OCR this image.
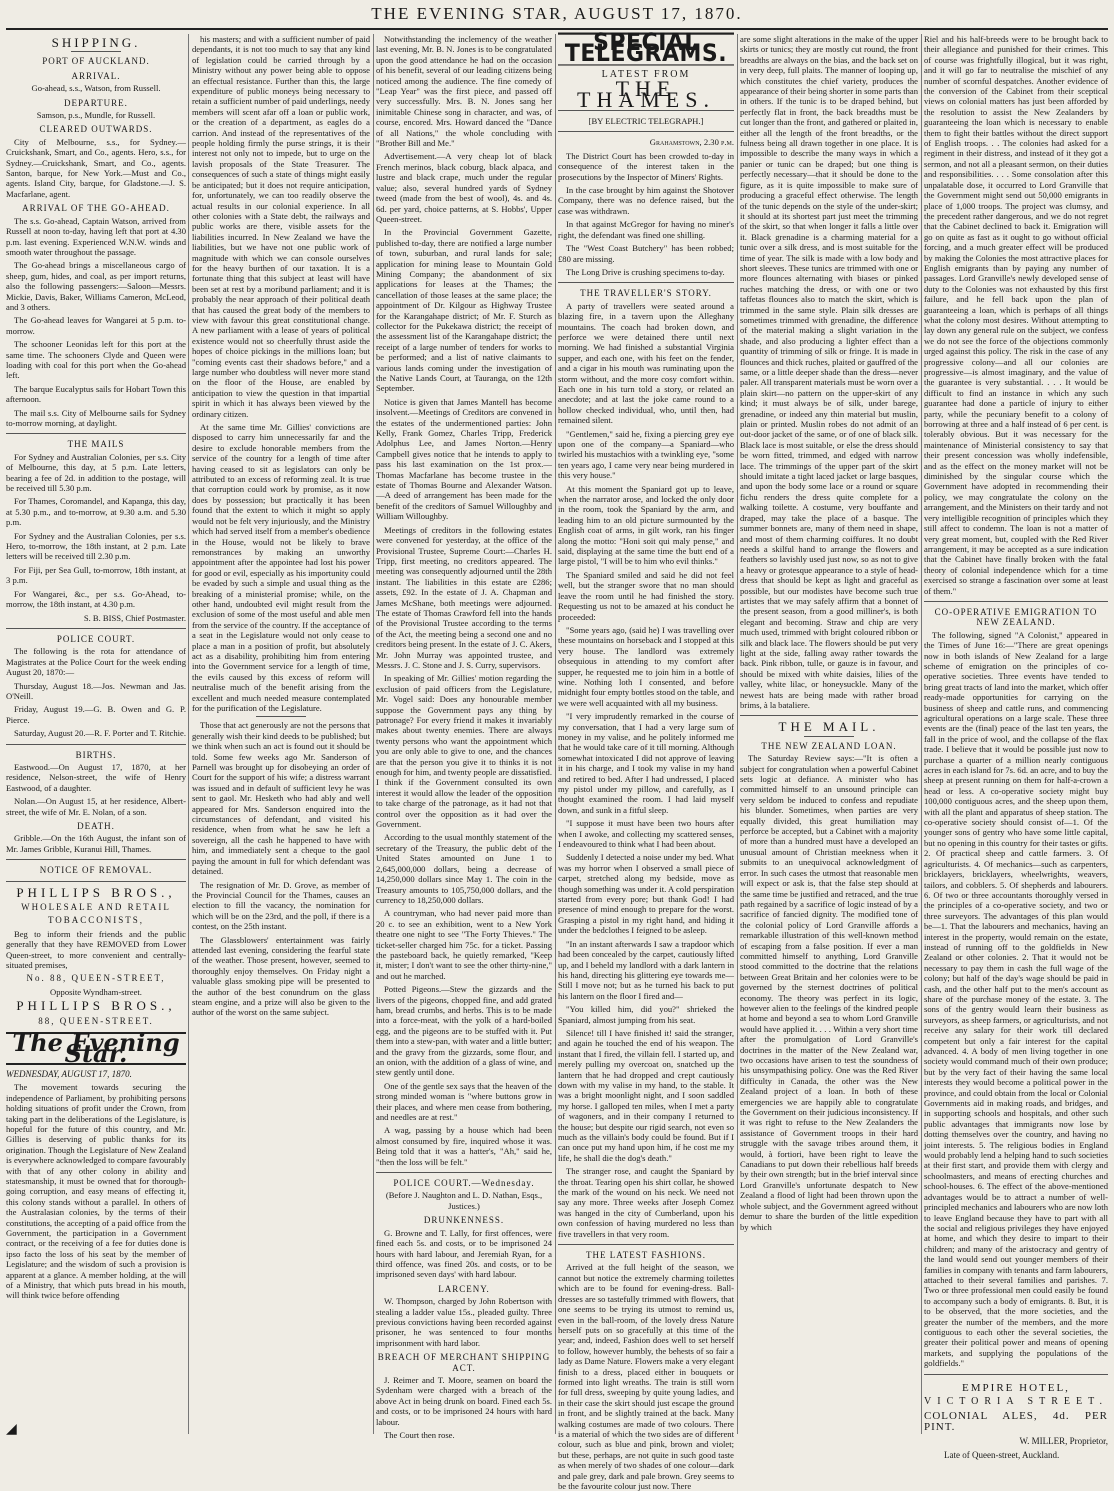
THE EVENING STAR, AUGUST 17, 1870.
SHIPPING.
PORT OF AUCKLAND.
ARRIVAL.

Go-ahead, s.s., Watson, from Russell.

DEPARTURE.

Samson, p.s., Mundle, for Russell.

CLEARED OUTWARDS.

City of Melbourne, s.s., for Sydney.—Cruickshank, Smart, and Co., agents. Hero, s.s., for Sydney.—Cruickshank, Smart, and Co., agents. Santon, barque, for New York.—Must and Co., agents. Island City, barque, for Gladstone.—J. S. Macfarlane, agent.

ARRIVAL OF THE GO-AHEAD.

The s.s. Go-ahead, Captain Watson, arrived from Russell at noon to-day, having left that port at 4.30 p.m. last evening. Experienced W.N.W. winds and smooth water throughout the passage.

The Go-ahead brings a miscellaneous cargo of sheep, gum, hides, and coal, as per import returns, also the following passengers:—Saloon—Messrs. Mickie, Davis, Baker, Williams Cameron, McLeod, and 3 others.

The Go-ahead leaves for Wangarei at 5 p.m. to-morrow.

The schooner Leonidas left for this port at the same time. The schooners Clyde and Queen were loading with coal for this port when the Go-ahead left.

The barque Eucalyptus sails for Hobart Town this afternoon.

The mail s.s. City of Melbourne sails for Sydney to-morrow morning, at daylight.

THE MAILS

For Sydney and Australian Colonies, per s.s. City of Melbourne, this day, at 5 p.m. Late letters, bearing a fee of 2d. in addition to the postage, will be received till 5.30 p.m.

For Thames, Coromandel, and Kapanga, this day, at 5.30 p.m., and to-morrow, at 9.30 a.m. and 5.30 p.m.

For Sydney and the Australian Colonies, per s.s. Hero, to-morrow, the 18th instant, at 2 p.m. Late letters will be received till 2.30 p.m.

For Fiji, per Sea Gull, to-morrow, 18th instant, at 3 p.m.

For Wangarei, &c., per s.s. Go-Ahead, to-morrow, the 18th instant, at 4.30 p.m.

S. B. BISS, Chief Postmaster.

POLICE COURT.

The following is the rota for attendance of Magistrates at the Police Court for the week ending August 20, 1870:—

Thursday, August 18.—Jos. Newman and Jas. O'Neill.

Friday, August 19.—G. B. Owen and G. P. Pierce.

Saturday, August 20.—R. F. Porter and T. Ritchie.

BIRTHS.

Eastwood.—On August 17, 1870, at her residence, Nelson-street, the wife of Henry Eastwood, of a daughter.

Nolan.—On August 15, at her residence, Albert-street, the wife of Mr. E. Nolan, of a son.

DEATH.

Gribble.—On the 16th August, the infant son of Mr. James Gribble, Kuranui Hill, Thames.

NOTICE OF REMOVAL.
PHILLIPS BROS.,
WHOLESALE AND RETAIL
TOBACCONISTS,

Beg to inform their friends and the public generally that they have REMOVED from Lower Queen-street, to more convenient and centrally-situated premises,

No. 88, QUEEN-STREET,
Opposite Wyndham-street.
PHILLIPS BROS.,
88, QUEEN-STREET.
The Evening Star.
WEDNESDAY, AUGUST 17, 1870.

The movement towards securing the independence of Parliament, by prohibiting persons holding situations of profit under the Crown, from taking part in the deliberations of the Legislature, is hopeful for the future of this country, and Mr. Gillies is deserving of public thanks for its origination. Though the Legislature of New Zealand is everywhere acknowledged to compare favourably with that of any other colony in ability and statesmanship, it must be owned that for thorough-going corruption, and easy means of effecting it, this colony stands without a parallel. In others of the Australasian colonies, by the terms of their constitutions, the accepting of a paid office from the Government, the participation in a Government contract, or the receiving of a fee for duties done is ipso facto the loss of his seat by the member of Legislature; and the wisdom of such a provision is apparent at a glance. A member holding, at the will of a Ministry, that which puts bread in his mouth, will think twice before offending

his masters; and with a sufficient number of paid dependants, it is not too much to say that any kind of legislation could be carried through by a Ministry without any power being able to oppose an effectual resistance. Further than this, the large expenditure of public moneys being necessary to retain a sufficient number of paid underlings, needy members will scent afar off a loan or public work, or the creation of a department, as eagles do a carrion. And instead of the representatives of the people holding firmly the purse strings, it is their interest not only not to impede, but to urge on the lavish proposals of the State Treasurer. The consequences of such a state of things might easily be anticipated; but it does not require anticipation, for, unfortunately, we can too readily observe the actual results in our colonial experience. In all other colonies with a State debt, the railways and public works are there, visible assets for the liabilities incurred. In New Zealand we have the liabilities, but we have not one public work of magnitude with which we can console ourselves for the heavy burthen of our taxation. It is a fortunate thing that this subject at least will have been set at rest by a moribund parliament; and it is probably the near approach of their political death that has caused the great body of the members to view with favour this great constitutional change. A new parliament with a lease of years of political existence would not so cheerfully thrust aside the hopes of choice pickings in the millions loan; but "coming events cast their shadows before," and a large number who doubtless will never more stand on the floor of the House, are enabled by anticipation to view the question in that impartial spirit in which it has always been viewed by the ordinary citizen.

At the same time Mr. Gillies' convictions are disposed to carry him unnecessarily far and the desire to exclude honorable members from the service of the country for a length of time after having ceased to sit as legislators can only be attributed to an excess of reforming zeal. It is true that corruption could work by promise, as it now does by possession; but practically it has been found that the extent to which it might so apply would not be felt very injuriously, and the Ministry which had served itself from a member's obedience in the House, would not be likely to brave remonstrances by making an unworthy appointment after the appointee had lost his power for good or evil, especially as his importunity could be evaded by such a simple and usual thing as the breaking of a ministerial promise; while, on the other hand, undoubted evil might result from the exclusion of some of the most useful and able men from the service of the country. If the acceptance of a seat in the Legislature would not only cease to place a man in a position of profit, but absolutely act as a disability, prohibiting him from entering into the Government service for a length of time, the evils caused by this excess of reform will neutralise much of the benefit arising from the excellent and much needed measure contemplated for the purification of the Legislature.

Those that act generously are not the persons that generally wish their kind deeds to be published; but we think when such an act is found out it should be told. Some few weeks ago Mr. Sanderson of Parnell was brought up for disobeying an order of Court for the support of his wife; a distress warrant was issued and in default of sufficient levy he was sent to gaol. Mr. Hesketh who had ably and well appeared for Mrs. Sanderson enquired into the circumstances of defendant, and visited his residence, when from what he saw he left a sovereign, all the cash he happened to have with him, and immediately sent a cheque to the gaol paying the amount in full for which defendant was detained.

The resignation of Mr. D. Grove, as member of the Provincial Council for the Thames, causes an election to fill the vacancy, the nomination for which will be on the 23rd, and the poll, if there is a contest, on the 25th instant.

The Glassblowers' entertainment was fairly attended last evening, considering the fearful state of the weather. Those present, however, seemed to thoroughly enjoy themselves. On Friday night a valuable glass smoking pipe will be presented to the author of the best conundrum on the glass steam engine, and a prize will also be given to the author of the worst on the same subject.

Notwithstanding the inclemency of the weather last evening, Mr. B. N. Jones is to be congratulated upon the good attendance he had on the occasion of his benefit, several of our leading citizens being noticed among the audience. The fine comedy of "Leap Year" was the first piece, and passed off very successfully. Mrs. B. N. Jones sang her inimitable Chinese song in character, and was, of course, encored. Mrs. Howard danced the "Dance of all Nations," the whole concluding with "Brother Bill and Me."

Advertisement.—A very cheap lot of black French merinos, black coburg, black alpaca, and lustre and black crape, much under the regular value; also, several hundred yards of Sydney tweed (made from the best of wool), 4s. and 4s. 6d. per yard, choice patterns, at S. Hobbs', Upper Queen-street.

In the Provincial Government Gazette, published to-day, there are notified a large number of town, suburban, and rural lands for sale; application for mining lease to Mountain Gold Mining Company; the abandonment of six applications for leases at the Thames; the cancellation of those leases at the same place; the appointment of Dr. Kilgour as Highway Trustee for the Karangahape district; of Mr. F. Sturch as collector for the Pukekawa district; the receipt of the assessment list of the Karangahape district; the receipt of a large number of tenders for works to be performed; and a list of native claimants to various lands coming under the investigation of the Native Lands Court, at Tauranga, on the 12th September.

Notice is given that James Mantell has become insolvent.—Meetings of Creditors are convened in the estates of the undermentioned parties: John Kelly, Frank Gomez, Charles Tripp, Frederick Adolphus Lee, and James Norton.—Henry Campbell gives notice that he intends to apply to pass his last examination on the 1st prox.—Thomas Macfarlane has become trustee in the estate of Thomas Bourne and Alexander Watson.—A deed of arrangement has been made for the benefit of the creditors of Samuel Willoughby and William Willoughby.

Meetings of creditors in the following estates were convened for yesterday, at the office of the Provisional Trustee, Supreme Court:—Charles H. Tripp, first meeting, no creditors appeared. The meeting was consequently adjourned until the 28th instant. The liabilities in this estate are £286; assets, £92. In the estate of J. A. Chapman and James McShane, both meetings were adjourned. The estate of Thomas Crawford fell into the hands of the Provisional Trustee according to the terms of the Act, the meeting being a second one and no creditors being present. In the estate of J. C. Akers, Mr. John Murray was appointed trustee, and Messrs. J. C. Stone and J. S. Curry, supervisors.

In speaking of Mr. Gillies' motion regarding the exclusion of paid officers from the Legislature, Mr. Vogel said: Does any honourable member suppose the Government pays any thing by patronage? For every friend it makes it invariably makes about twenty enemies. There are always twenty persons who want the appointment which you are only able to give to one, and the chances are that the person you give it to thinks it is not enough for him, and twenty people are dissatisfied. I think if the Government consulted its own interest it would allow the leader of the opposition to take charge of the patronage, as it had not that control over the opposition as it had over the Government.

According to the usual monthly statement of the secretary of the Treasury, the public debt of the United States amounted on June 1 to 2,645,000,000 dollars, being a decrease of 14,250,000 dollars since May 1. The coin in the Treasury amounts to 105,750,000 dollars, and the currency to 18,250,000 dollars.

A countryman, who had never paid more than 20 c. to see an exhibition, went to a New York theatre one night to see "The Forty Thieves." The ticket-seller charged him 75c. for a ticket. Passing the pasteboard back, he quietly remarked, "Keep it, mister; I don't want to see the other thirty-nine," and out he marched.

Potted Pigeons.—Stew the gizzards and the livers of the pigeons, chopped fine, and add grated ham, bread crumbs, and herbs. This is to be made into a force-meat, with the yolk of a hard-boiled egg, and the pigeons are to be stuffed with it. Put them into a stew-pan, with water and a little butter; and the gravy from the gizzards, some flour, and an onion, with the addition of a glass of wine, and stew gently until done.

One of the gentle sex says that the heaven of the strong minded woman is "where buttons grow in their places, and where men cease from bothering, and needles are at rest."

A wag, passing by a house which had been almost consumed by fire, inquired whose it was. Being told that it was a hatter's, "Ah," said he, "then the loss will be felt."

POLICE COURT.—Wednesday.

(Before J. Naughton and L. D. Nathan, Esqs., Justices.)

DRUNKENNESS.

G. Browne and T. Lally, for first offences, were fined each 5s. and costs, or to be imprisoned 24 hours with hard labour, and Jeremiah Ryan, for a third offence, was fined 20s. and costs, or to be imprisoned seven days' with hard labour.

LARCENY.

W. Thompson, charged by John Robertson with stealing a ladder value 15s., pleaded guilty. Three previous convictions having been recorded against prisoner, he was sentenced to four months imprisonment with hard labor.

BREACH OF MERCHANT SHIPPING ACT.

J. Reimer and T. Moore, seamen on board the Sydenham were charged with a breach of the above Act in being drunk on board. Fined each 5s. and costs, or to be imprisoned 24 hours with hard labour.

The Court then rose.

SPECIAL TELEGRAMS.
LATEST FROM
THE THAMES.

[BY ELECTRIC TELEGRAPH.]

Grahamstown, 2.30 p.m.

The District Court has been crowded to-day in consequence of the interest taken in the prosecutions by the Inspector of Miners' Rights.

In the case brought by him against the Shotover Company, there was no defence raised, but the case was withdrawn.

In that against McGregor for having no miner's right, the defendant was fined one shilling.

The "West Coast Butchery" has been robbed; £80 are missing.

The Long Drive is crushing specimens to-day.

THE TRAVELLER'S STORY.

A party of travellers were seated around a blazing fire, in a tavern upon the Alleghany mountains. The coach had broken down, and perforce we were detained there until next morning. We had finished a substantial Virginia supper, and each one, with his feet on the fender, and a cigar in his mouth was ruminating upon the storm without, and the more cosy comfort within. Each one in his turn told a story, or related an anecdote; and at last the joke came round to a hollow checked individual, who, until then, had remained silent.

"Gentlemen," said he, fixing a piercing grey eye upon one of the company—a Spaniard—who twirled his mustachios with a twinkling eye, "some ten years ago, I came very near being murdered in this very house."

At this moment the Spaniard got up to leave, when the narrator arose, and locked the only door in the room, took the Spaniard by the arm, and leading him to an old picture surmounted by the English coat of arms, in gilt work, ran his finger along the motto: "Honi soit qui maly pense," and said, displaying at the same time the butt end of a large pistol, "I will be to him who evil thinks."

The Spaniard smiled and said he did not feel well, but the stranger swore that no man should leave the room until he had finished the story. Requesting us not to be amazed at his conduct he proceeded:

"Some years ago, (said he) I was travelling over these mountains on horseback and I stopped at this very house. The landlord was extremely obsequious in attending to my comfort after supper, he requested me to join him in a bottle of wine. Nothing loth I consented, and before midnight four empty bottles stood on the table, and we were well acquainted with all my business.

"I very imprudently remarked in the course of my conversation, that I had a very large sum of money in my valise, and he politely informed me that he would take care of it till morning. Although somewhat intoxicated I did not approve of leaving it in his charge, and I took my valise in my hand and retired to bed. After I had undressed, I placed my pistol under my pillow, and carefully, as I thought examined the room. I had laid myself down, and sunk in a fitful sleep.

"I suppose it must have been two hours after when I awoke, and collecting my scattered senses, I endeavoured to think what I had been about.

Suddenly I detected a noise under my bed. What was my horror when I observed a small piece of carpet, stretched along my bedside, move as though something was under it. A cold perspiration started from every pore; but thank God! I had presence of mind enough to prepare for the worst. Grasping a pistol in my right hand, and hiding it under the bedclothes I feigned to be asleep.

"In an instant afterwards I saw a trapdoor which had been concealed by the carpet, cautiously lifted up, and I beheld my landlord with a dark lantern in his hand, directing his glittering eye towards me—Still I move not; but as he turned his back to put his lantern on the floor I fired and—

"You killed him, did you?" shrieked the Spaniard, almost jumping from his seat.

Silence! till I have finished it! said the stranger, and again he touched the end of his weapon. The instant that I fired, the villain fell. I started up, and merely pulling my overcoat on, snatched up the lantern that he had dropped and crept cautiously down with my valise in my hand, to the stable. It was a bright moonlight night, and I soon saddled my horse. I galloped ten miles, when I met a party of wagoners, and in their company I returned to the house; but despite our rigid search, not even so much as the villain's body could be found. But if I can once put my hand upon him, if he cost me my life, he shall die the dog's death."

The stranger rose, and caught the Spaniard by the throat. Tearing open his shirt collar, he showed the mark of the wound on his neck. We need not say any more. Three weeks after Joseph Comez was hanged in the city of Cumberland, upon his own confession of having murdered no less than five travellers in that very room.

THE LATEST FASHIONS.

Arrived at the full height of the season, we cannot but notice the extremely charming toilettes which are to be found for evening-dress. Ball-dresses are so tastefully trimmed with flowers, that one seems to be trying its utmost to remind us, even in the ball-room, of the lovely dress Nature herself puts on so gracefully at this time of the year; and, indeed, Fashion does well to set herself to follow, however humbly, the behests of so fair a lady as Dame Nature. Flowers make a very elegant finish to a dress, placed either in bouquets or formed into light wreaths. The train is still worn for full dress, sweeping by quite young ladies, and in their case the skirt should just escape the ground in front, and be slightly trained at the back. Many walking costumes are made of two colours. There is a material of which the two sides are of different colour, such as blue and pink, brown and violet; but these, perhaps, are not quite in such good taste as when merely of two shades of one colour—dark and pale grey, dark and pale brown. Grey seems to be the favourite colour just now. There

are some slight alterations in the make of the upper skirts or tunics; they are mostly cut round, the front breadths are always on the bias, and the back set on in very deep, full plaits. The manner of looping up, which constitutes the chief variety, produces the appearance of their being shorter in some parts than in others. If the tunic is to be draped behind, but perfectly flat in front, the back breadths must be cut longer than the front, and gathered or plaited in, either all the length of the front breadths, or the fulness being all drawn together in one place. It is impossible to describe the many ways in which a panier or tunic can be draped; but one thing is perfectly necessary—that it should be done to the figure, as it is quite impossible to make sure of producing a graceful effect otherwise. The length of the tunic depends on the style of the under-skirt; it should at its shortest part just meet the trimming of the skirt, so that when longer it falls a little over it. Black grenadine is a charming material for a tunic over a silk dress, and is most suitable for the time of year. The silk is made with a low body and short sleeves. These tunics are trimmed with one or more flounces alternating with biases or pinked ruches matching the dress, or with one or two taffetas flounces also to match the skirt, which is trimmed in the same style. Plain silk dresses are sometimes trimmed with grenadine, the difference of the material making a slight variation in the shade, and also producing a lighter effect than a quantity of trimming of silk or fringe. It is made in flounces and thick ruches, plaited or gauffred of the same, or a little deeper shade than the dress—never paler. All transparent materials must be worn over a plain skirt—no pattern on the upper-skirt of any kind; it must always be of silk, under barege, grenadine, or indeed any thin material but muslin, plain or printed. Muslin robes do not admit of an out-door jacket of the same, or of one of black silk. Black lace is most suitable, or else the dress should be worn fitted, trimmed, and edged with narrow lace. The trimmings of the upper part of the skirt should imitate a tight laced jacket or large basques, and upon the body some lace or a round or square fichu renders the dress quite complete for a walking toilette. A costume, very bouffante and draped, may take the place of a basque. The summer bonnets are, many of them need in shape, and most of them charming coiffures. It no doubt needs a skilful hand to arrange the flowers and feathers so lavishly used just now, so as not to give a heavy or grotesque appearance to a style of head-dress that should be kept as light and graceful as possible, but our modistes have become such true artistes that we may safely affirm that a bonnet of the present season, from a good milliner's, is both elegant and becoming. Straw and chip are very much used, trimmed with bright coloured ribbon or silk and black lace. The flowers should be put very light at the side, falling away rather towards the back. Pink ribbon, tulle, or gauze is in favour, and should be mixed with white daisies, lilies of the valley, white lilac, or honeysuckle. Many of the newest hats are being made with rather broad brims, à la bataliere.

THE MAIL.
THE NEW ZEALAND LOAN.

The Saturday Review says:—"It is often a subject for congratulation when a powerful Cabinet sets logic at defiance. A minister who has committed himself to an unsound principle can very seldom be induced to confess and repudiate his blunder. Sometimes, when parties are very equally divided, this great humiliation may perforce be accepted, but a Cabinet with a majority of more than a hundred must have a developed an unusual amount of Christian meekness when it submits to an unequivocal acknowledgment of error. In such cases the utmost that reasonable men will expect or ask is, that the false step should at the same time be justified and retraced, and the true path regained by a sacrifice of logic instead of by a sacrifice of fancied dignity. The modified tone of the colonial policy of Lord Granville affords a remarkable illustration of this well-known method of escaping from a false position. If ever a man committed himself to anything, Lord Granville stood committed to the doctrine that the relations between Great Britain and her colonies were to be governed by the sternest doctrines of political economy. The theory was perfect in its logic, however alien to the feelings of the kindred people at home and beyond a sea to whom Lord Granville would have applied it. . . . Within a very short time after the promulgation of Lord Granville's doctrines in the matter of the New Zealand war, two occasions have arisen to test the soundness of his unsympathising policy. One was the Red River difficulty in Canada, the other was the New Zealand project of a loan. In both of these emergencies we are happily able to congratulate the Government on their judicious inconsistency. If it was right to refuse to the New Zealanders the assistance of Government troops in their hard struggle with the savage tribes around them, it would, à fortiori, have been right to leave the Canadians to put down their rebellious half breeds by their own strength; but in the brief interval since Lord Granville's unfortunate despatch to New Zealand a flood of light had been thrown upon the whole subject, and the Government agreed without demur to share the burden of the little expedition by which

Riel and his half-breeds were to be brought back to their allegiance and punished for their crimes. This of course was frightfully illogical, but it was right, and it will go far to neutralise the mischief of any number of scornful despatches. Another evidence of the conversion of the Cabinet from their sceptical views on colonial matters has just been afforded by the resolution to assist the New Zealanders by guaranteeing the loan which is necessary to enable them to fight their battles without the direct support of English troops. . . The colonies had asked for a regiment in their distress, and instead of it they got a sermon, and not all a pleasant sermon, on their duties and responsibilities. . . . Some consolation after this unpalatable dose, it occurred to Lord Granville that the Government might send out 50,000 emigrants in place of 1,000 troops. The project was clumsy, and the precedent rather dangerous, and we do not regret that the Cabinet declined to back it. Emigration will go on quite as fast as it ought to go without official forcing, and a much greater effect will be produced by making the Colonies the most attractive places for English emigrants than by paying any number of passages. Lord Granville's newly developed sense of duty to the Colonies was not exhausted by this first failure, and he fell back upon the plan of guaranteeing a loan, which is perhaps of all things what the colony most desires. Without attempting to lay down any general rule on the subject, we confess we do not see the force of the objections commonly urged against this policy. The risk in the case of any progressive colony—and all our colonies are progressive—is almost imaginary, and the value of the guarantee is very substantial. . . . It would be difficult to find an instance in which any such guarantee had done a particle of injury to either party, while the pecuniary benefit to a colony of borrowing at three and a half instead of 6 per cent. is tolerably obvious. But it was necessary for the maintenance of Ministerial consistency to say that their present concession was wholly indefensible, and as the effect on the money market will not be diminished by the singular course which the Government have adopted in recommending their policy, we may congratulate the colony on the arrangement, and the Ministers on their tardy and not very intelligible recognition of principles which they still affect to condemn. The loan is not a matter of very great moment, but, coupled with the Red River arrangement, it may be accepted as a sure indication that the Cabinet have finally broken with the fatal theory of colonial independence which for a time exercised so strange a fascination over some at least of them."

CO-OPERATIVE EMIGRATION TO NEW ZEALAND.

The following, signed "A Colonist," appeared in the Times of June 16:—"There are great openings now in both islands of New Zealand for a large scheme of emigration on the principles of co-operative societies. Three events have tended to bring great tracts of land into the market, which offer ready-made opportunities for carrying on the business of sheep and cattle runs, and commencing agricultural operations on a large scale. These three events are the (final) peace of the last ten years, the fall in the price of wool, and the collapse of the flax trade. I believe that it would be possible just now to purchase a quarter of a million nearly contiguous acres in each island for 7s. 6d. an acre, and to buy the sheep at present running on them for half-a-crown a head or less. A co-operative society might buy 100,000 contiguous acres, and the sheep upon them, with all the plant and apparatus of sheep station. The co-operative society should consist of—1. Of the younger sons of gentry who have some little capital, but no opening in this country for their tastes or gifts. 2. Of practical sheep and cattle farmers. 3. Of agriculturists. 4. Of mechanics—such as carpenters, bricklayers, bricklayers, wheelwrights, weavers, tailors, and cobblers. 5. Of shepherds and labourers. 6. Of two or three accountants thoroughly versed in the principles of a co-operative society, and two or three surveyors. The advantages of this plan would be—1. That the labourers and mechanics, having an interest in the property, would remain on the estate, instead of running off to the goldfields in New Zealand or other colonies. 2. That it would not be necessary to pay them in cash the full wage of the colony; but half of the day's wage should be paid in cash, and the other half put to the men's account as share of the purchase money of the estate. 3. The sons of the gentry would learn their business as surveyors, as sheep farmers, or agriculturists, and not receive any salary for their work till declared competent but only a fair interest for the capital advanced. 4. A body of men living together in one society would command much of their own produce; but by the very fact of their having the same local interests they would become a political power in the province, and could obtain from the local or Colonial Governments aid in making roads, and bridges, and in supporting schools and hospitals, and other such public advantages that immigrants now lose by dotting themselves over the country, and having no joint interests. 5. The religious bodies in England would probably lend a helping hand to such societies at their first start, and provide them with clergy and schoolmasters, and means of erecting churches and school-houses. 6. The effect of the above-mentioned advantages would be to attract a number of well-principled mechanics and labourers who are now loth to leave England because they have to part with all the social and religious privileges they have enjoyed at home, and which they desire to impart to their children; and many of the aristocracy and gentry of the land would send out younger members of their families in company with tenants and farm labourers, attached to their several families and parishes. 7. Two or three professional men could easily be found to accompany such a body of emigrants. 8. But, it is to be observed, that the more societies, and the greater the number of the members, and the more contiguous to each other the several societies, the greater their political power and means of opening markets, and supplying the populations of the goldfields."

EMPIRE HOTEL,
VICTORIA STREET.
COLONIAL ALES, 4d. PER PINT.
W. MILLER, Proprietor,
Late of Queen-street, Auckland.
◢
